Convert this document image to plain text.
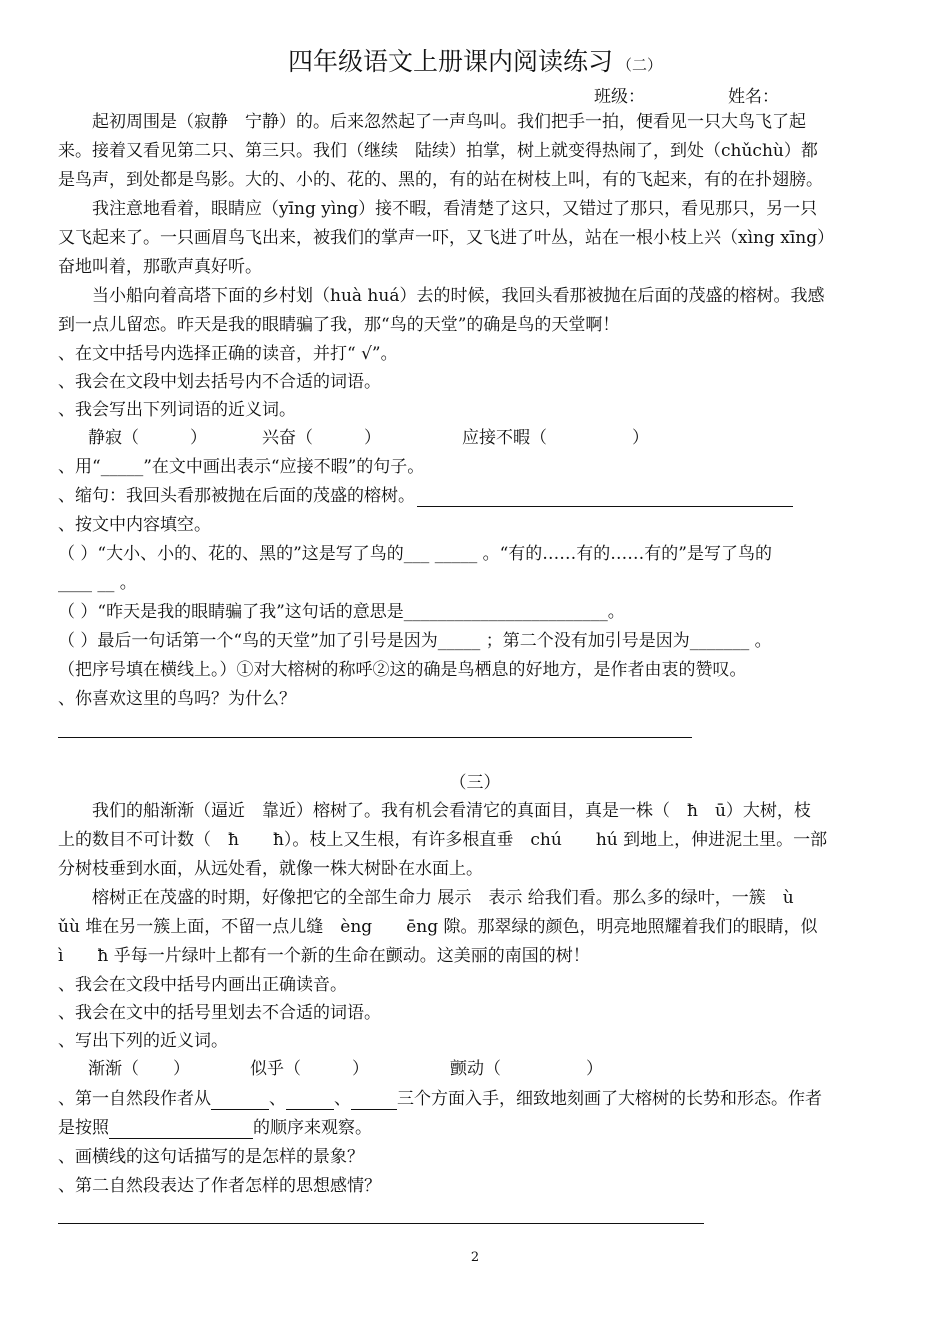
四年级语文上册课内阅读练习 （二）
班级：	姓名：
起初周围是（寂静　宁静）的。后来忽然起了一声鸟叫。我们把手一拍，便看见一只大鸟飞了起
来。接着又看见第二只、第三只。我们（继续　陆续）拍掌，树上就变得热闹了，到处（chǔchù）都
是鸟声，到处都是鸟影。大的、小的、花的、黑的，有的站在树枝上叫，有的飞起来，有的在扑翅膀。
我注意地看着，眼睛应（yīng yìng）接不暇，看清楚了这只，又错过了那只，看见那只，另一只
又飞起来了。一只画眉鸟飞出来，被我们的掌声一吓，又飞进了叶丛，站在一根小枝上兴（xìng xīng）
奋地叫着，那歌声真好听。
当小船向着高塔下面的乡村划（huà huá）去的时候，我回头看那被抛在后面的茂盛的榕树。我感
到一点儿留恋。昨天是我的眼睛骗了我，那“鸟的天堂”的确是鸟的天堂啊！
、在文中括号内选择正确的读音，并打“ √”。
、我会在文段中划去括号内不合适的词语。
、我会写出下列词语的近义词。
静寂（　　　）	兴奋（　　　）	应接不暇（　　　　　）
、用“_____”在文中画出表示“应接不暇”的句子。
、缩句：我回头看那被抛在后面的茂盛的榕树。
、按文中内容填空。
（ ）“大小、小的、花的、黑的”这是写了鸟的___ _____ 。“有的……有的……有的”是写了鸟的
____ __ 。
（ ）“昨天是我的眼睛骗了我”这句话的意思是________________________。
（ ）最后一句话第一个“鸟的天堂”加了引号是因为_____ ；第二个没有加引号是因为_______ 。
（把序号填在横线上。）①对大榕树的称呼②这的确是鸟栖息的好地方，是作者由衷的赞叹。
、你喜欢这里的鸟吗？为什么？
（三）
我们的船渐渐（逼近　靠近）榕树了。我有机会看清它的真面目，真是一株（　ħ　ū）大树，枝
上的数目不可计数（　ħ　　ħ）。枝上又生根，有许多根直垂　chú　　hú 到地上，伸进泥土里。一部
分树枝垂到水面，从远处看，就像一株大树卧在水面上。
榕树正在茂盛的时期，好像把它的全部生命力 展示　表示 给我们看。那么多的绿叶，一簇　ù
ǔù 堆在另一簇上面，不留一点儿缝　èng　　ēng 隙。那翠绿的颜色，明亮地照耀着我们的眼睛，似
ì　　ħ 乎每一片绿叶上都有一个新的生命在颤动。这美丽的南国的树！
、我会在文段中括号内画出正确读音。
、我会在文中的括号里划去不合适的词语。
、写出下列的近义词。
渐渐（　　）	似乎（　　　）	颤动（　　　　　）
、第一自然段作者从	、	、	三个方面入手，细致地刻画了大榕树的长势和形态。作者
是按照	的顺序来观察。
、画横线的这句话描写的是怎样的景象？
、第二自然段表达了作者怎样的思想感情？
2
